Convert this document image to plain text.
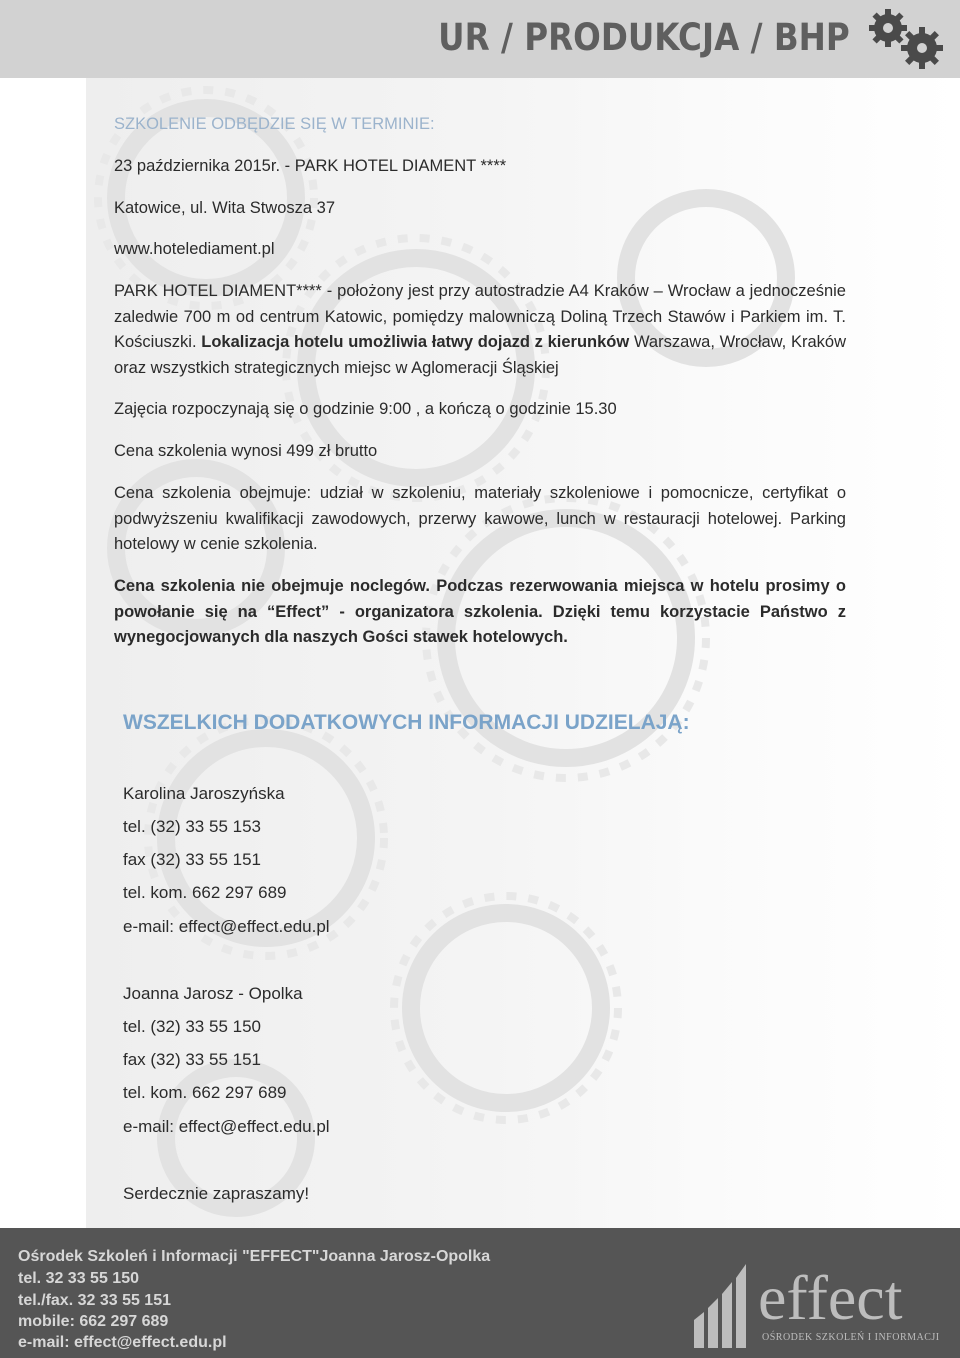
UR / PRODUKCJA / BHP
SZKOLENIE ODBĘDZIE SIĘ W TERMINIE:
23 października 2015r. - PARK HOTEL DIAMENT ****
Katowice, ul. Wita Stwosza 37
www.hotelediament.pl
PARK HOTEL DIAMENT**** - położony jest przy autostradzie A4 Kraków – Wrocław a jednocześnie zaledwie 700 m od centrum Katowic, pomiędzy malowniczą Doliną Trzech Stawów i Parkiem im. T. Kościuszki. Lokalizacja hotelu umożliwia łatwy dojazd z kierunków Warszawa, Wrocław, Kraków oraz wszystkich strategicznych miejsc w Aglomeracji Śląskiej
Zajęcia rozpoczynają się o godzinie 9:00 , a kończą o godzinie 15.30
Cena szkolenia wynosi 499 zł brutto
Cena szkolenia obejmuje: udział w szkoleniu, materiały szkoleniowe i pomocnicze, certyfikat o podwyższeniu kwalifikacji zawodowych, przerwy kawowe, lunch w restauracji hotelowej. Parking hotelowy w cenie szkolenia.
Cena szkolenia nie obejmuje noclegów. Podczas rezerwowania miejsca w hotelu prosimy o powołanie się na “Effect” - organizatora szkolenia. Dzięki temu korzystacie Państwo z wynegocjowanych dla naszych Gości stawek hotelowych.
WSZELKICH DODATKOWYCH INFORMACJI UDZIELAJĄ:
Karolina Jaroszyńska
tel. (32) 33 55 153
fax (32) 33 55 151
tel. kom. 662 297 689
e-mail: effect@effect.edu.pl
Joanna Jarosz - Opolka
tel. (32) 33 55 150
fax (32) 33 55 151
tel. kom. 662 297 689
e-mail: effect@effect.edu.pl
Serdecznie zapraszamy!
Ośrodek Szkoleń i Informacji "EFFECT"Joanna Jarosz-Opolka
tel. 32 33 55 150
tel./fax. 32 33 55 151
mobile: 662 297 689
e-mail: effect@effect.edu.pl
effect
OŚRODEK SZKOLEŃ I INFORMACJI
